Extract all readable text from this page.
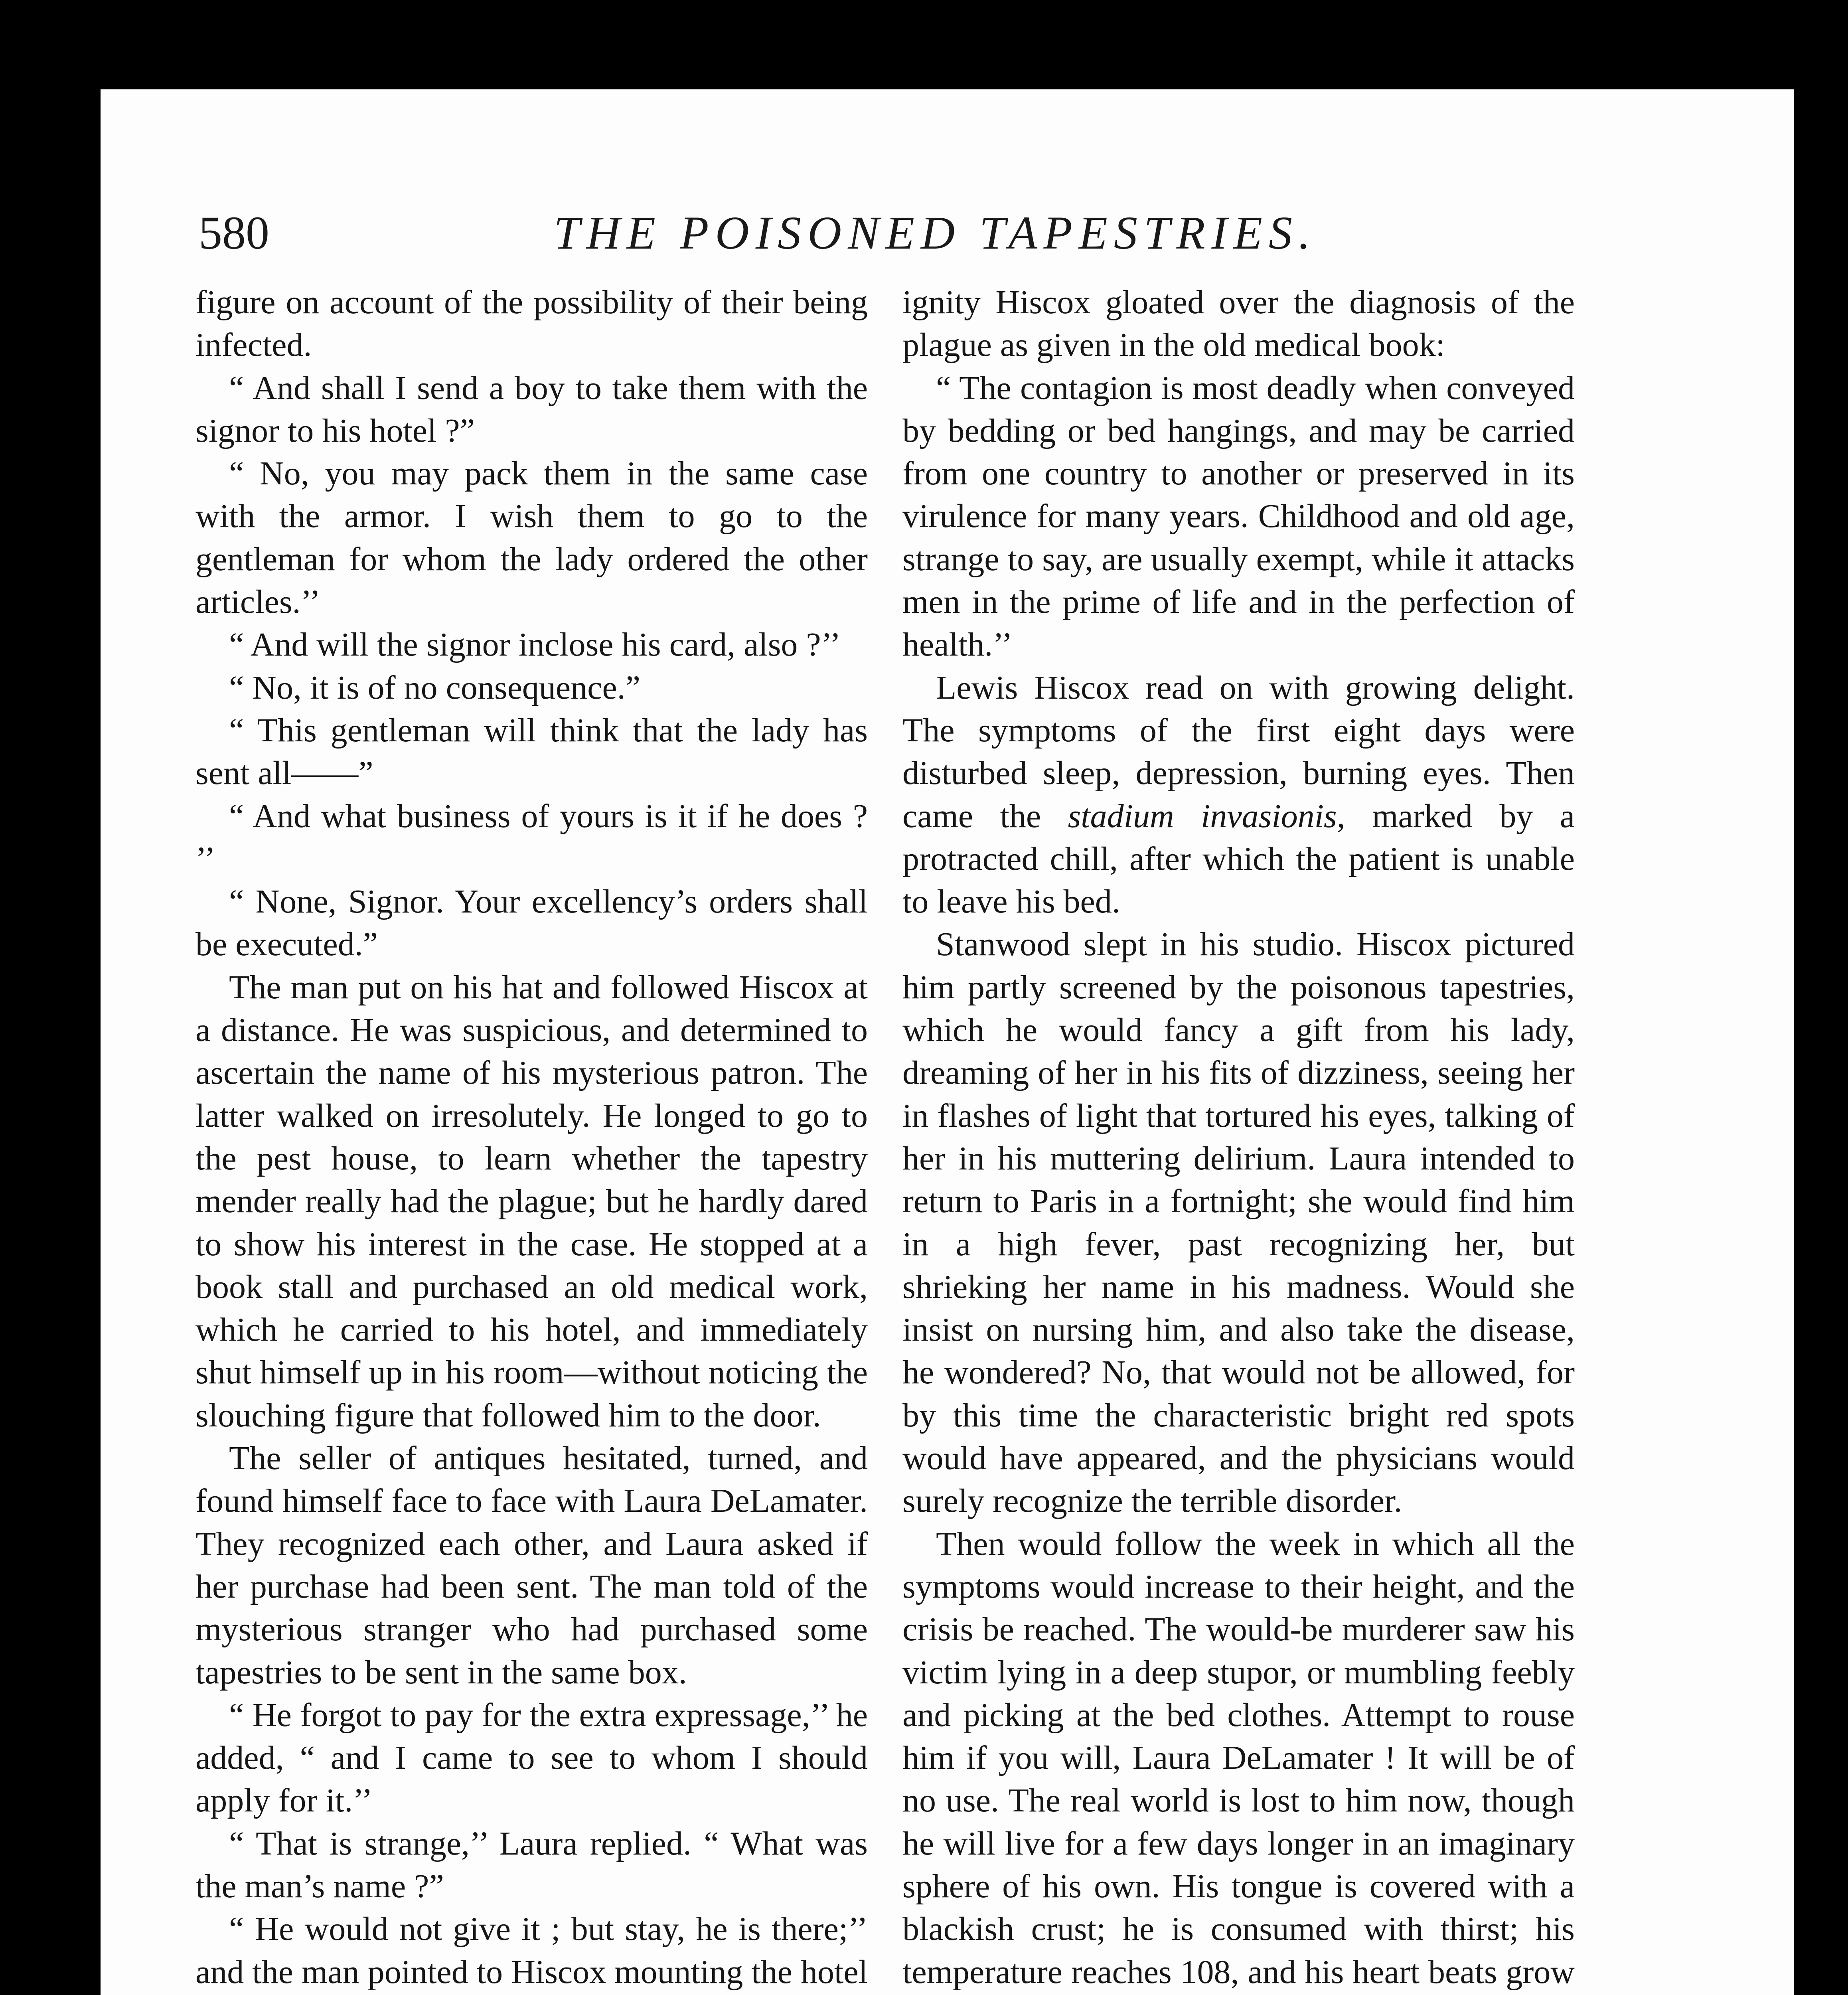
580	THE POISONED TAPESTRIES.

figure on account of the possibility of their being infected.

“ And shall I send a boy to take them with the signor to his hotel ?”

“ No, you may pack them in the same case with the armor. I wish them to go to the gentleman for whom the lady ordered the other articles.’’

“ And will the signor inclose his card, also ?’’

“ No, it is of no consequence.”

“ This gentleman will think that the lady has sent all——”

“ And what business of yours is it if he does ? ’’

“ None, Signor. Your excellency’s orders shall be executed.”

The man put on his hat and followed Hiscox at a distance. He was suspicious, and determined to ascertain the name of his mysterious patron. The latter walked on irresolutely. He longed to go to the pest house, to learn whether the tapestry mender really had the plague; but he hardly dared to show his interest in the case. He stopped at a book stall and purchased an old medical work, which he carried to his hotel, and immediately shut himself up in his room—without noticing the slouching figure that followed him to the door.

The seller of antiques hesitated, turned, and found himself face to face with Laura DeLamater. They recognized each other, and Laura asked if her purchase had been sent. The man told of the mysterious stranger who had purchased some tapestries to be sent in the same box.

“ He forgot to pay for the extra expressage,’’ he added, “ and I came to see to whom I should apply for it.’’

“ That is strange,’’ Laura replied. “ What was the man’s name ?”

“ He would not give it ; but stay, he is there;’’ and the man pointed to Hiscox mounting the hotel

ignity Hiscox gloated over the diagnosis of the plague as given in the old medical book:

“ The contagion is most deadly when conveyed by bedding or bed hangings, and may be carried from one country to another or preserved in its virulence for many years. Childhood and old age, strange to say, are usually exempt, while it attacks men in the prime of life and in the perfection of health.’’

Lewis Hiscox read on with growing delight. The symptoms of the first eight days were disturbed sleep, depression, burning eyes. Then came the stadium invasionis, marked by a protracted chill, after which the patient is unable to leave his bed.

Stanwood slept in his studio. Hiscox pictured him partly screened by the poisonous tapestries, which he would fancy a gift from his lady, dreaming of her in his fits of dizziness, seeing her in flashes of light that tortured his eyes, talking of her in his muttering delirium. Laura intended to return to Paris in a fortnight; she would find him in a high fever, past recognizing her, but shrieking her name in his madness. Would she insist on nursing him, and also take the disease, he wondered? No, that would not be allowed, for by this time the characteristic bright red spots would have appeared, and the physicians would surely recognize the terrible disorder.

Then would follow the week in which all the symptoms would increase to their height, and the crisis be reached. The would-be murderer saw his victim lying in a deep stupor, or mumbling feebly and picking at the bed clothes. Attempt to rouse him if you will, Laura DeLamater ! It will be of no use. The real world is lost to him now, though he will live for a few days longer in an imaginary sphere of his own. His tongue is covered with a blackish crust; he is consumed with thirst; his temperature reaches 108, and his heart beats grow
